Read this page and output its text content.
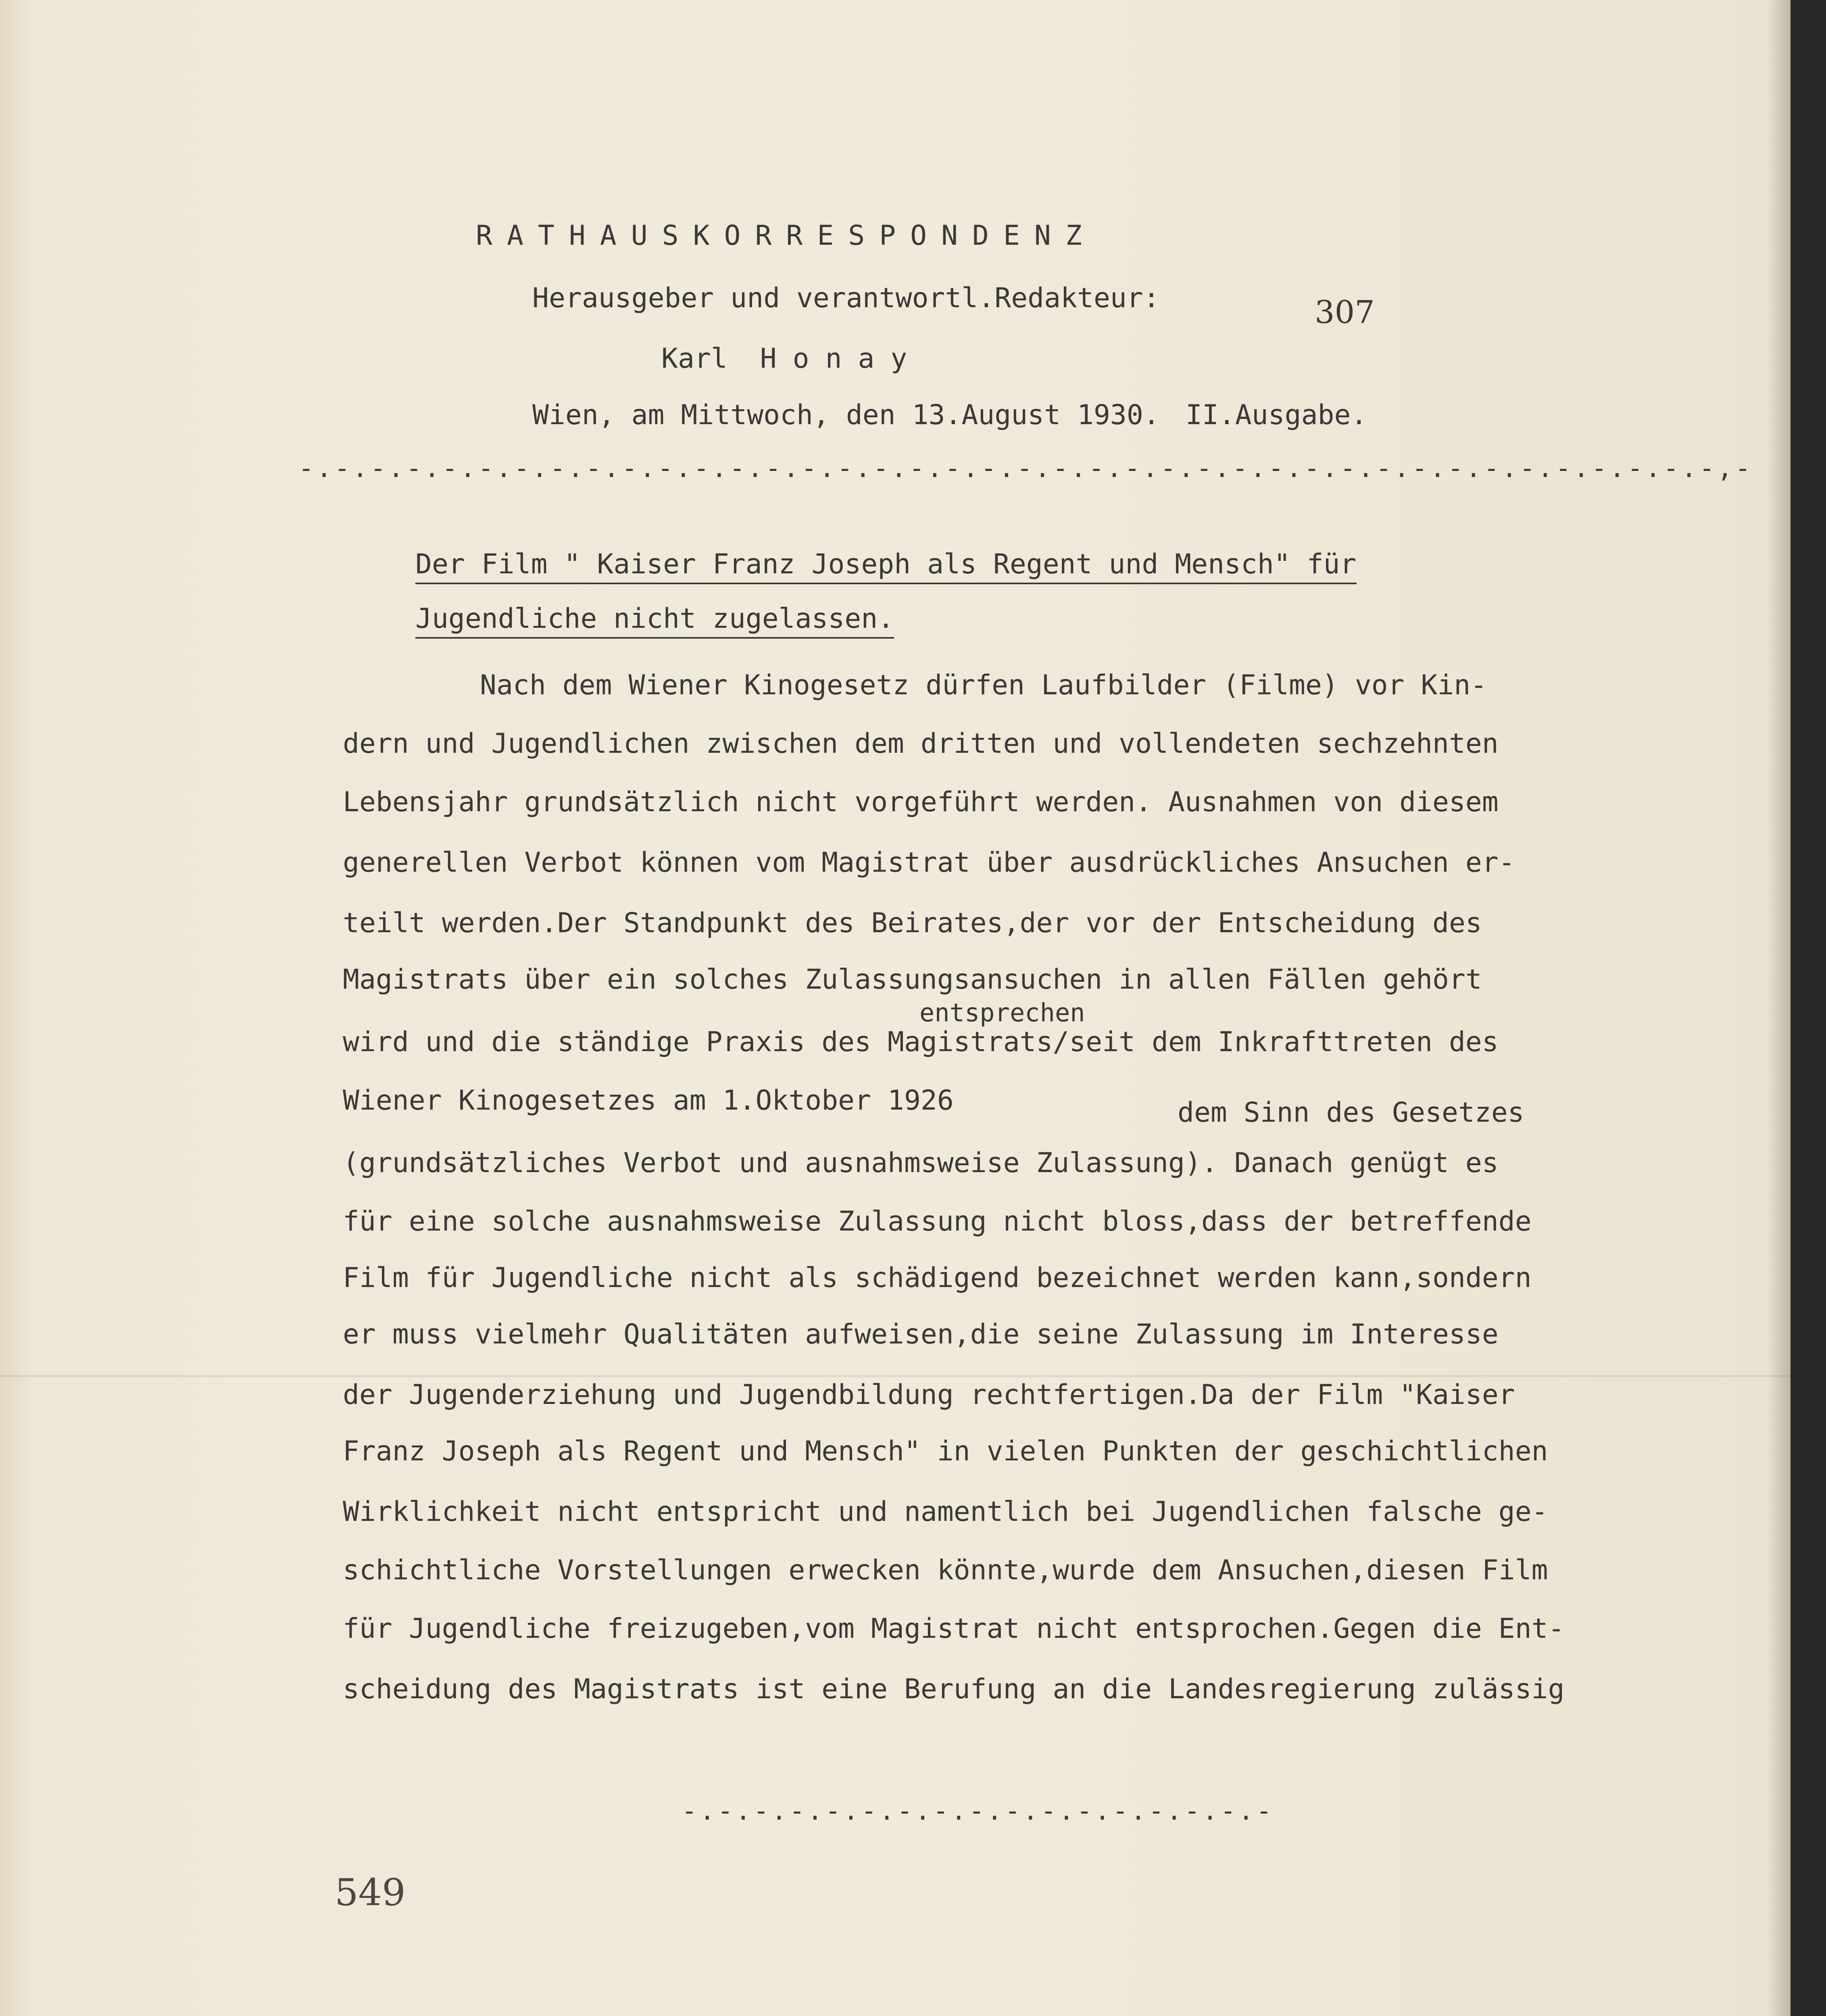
RATHAUSKORRESPONDENZ
Herausgeber und verantwortl.Redakteur:	307
Karl Honay
Wien, am Mittwoch, den 13.August 1930. II.Ausgabe.
-.-.-.-.-.-.-.-.-.-.-.-.-.-.-.-.-.-.-.-.-.-.-.-.-.-.-.-.-.-.-.-.-.-.-.-.-.-.-.-,-
Der Film " Kaiser Franz Joseph als Regent und Mensch" für
Jugendliche nicht zugelassen.
Nach dem Wiener Kinogesetz dürfen Laufbilder (Filme) vor Kin-
dern und Jugendlichen zwischen dem dritten und vollendeten sechzehnten
Lebensjahr grundsätzlich nicht vorgeführt werden. Ausnahmen von diesem
generellen Verbot können vom Magistrat über ausdrückliches Ansuchen er-
teilt werden.Der Standpunkt des Beirates,der vor der Entscheidung des
Magistrats über ein solches Zulassungsansuchen in allen Fällen gehört
entsprechen
wird und die ständige Praxis des Magistrats/seit dem Inkrafttreten des
Wiener Kinogesetzes am 1.Oktober 1926	dem Sinn des Gesetzes
(grundsätzliches Verbot und ausnahmsweise Zulassung). Danach genügt es
für eine solche ausnahmsweise Zulassung nicht bloss,dass der betreffende
Film für Jugendliche nicht als schädigend bezeichnet werden kann,sondern
er muss vielmehr Qualitäten aufweisen,die seine Zulassung im Interesse
der Jugenderziehung und Jugendbildung rechtfertigen.Da der Film "Kaiser
Franz Joseph als Regent und Mensch" in vielen Punkten der geschichtlichen
Wirklichkeit nicht entspricht und namentlich bei Jugendlichen falsche ge-
schichtliche Vorstellungen erwecken könnte,wurde dem Ansuchen,diesen Film
für Jugendliche freizugeben,vom Magistrat nicht entsprochen.Gegen die Ent-
scheidung des Magistrats ist eine Berufung an die Landesregierung zulässig
-.-.-.-.-.-.-.-.-.-.-.-.-.-.-.-.-
549
